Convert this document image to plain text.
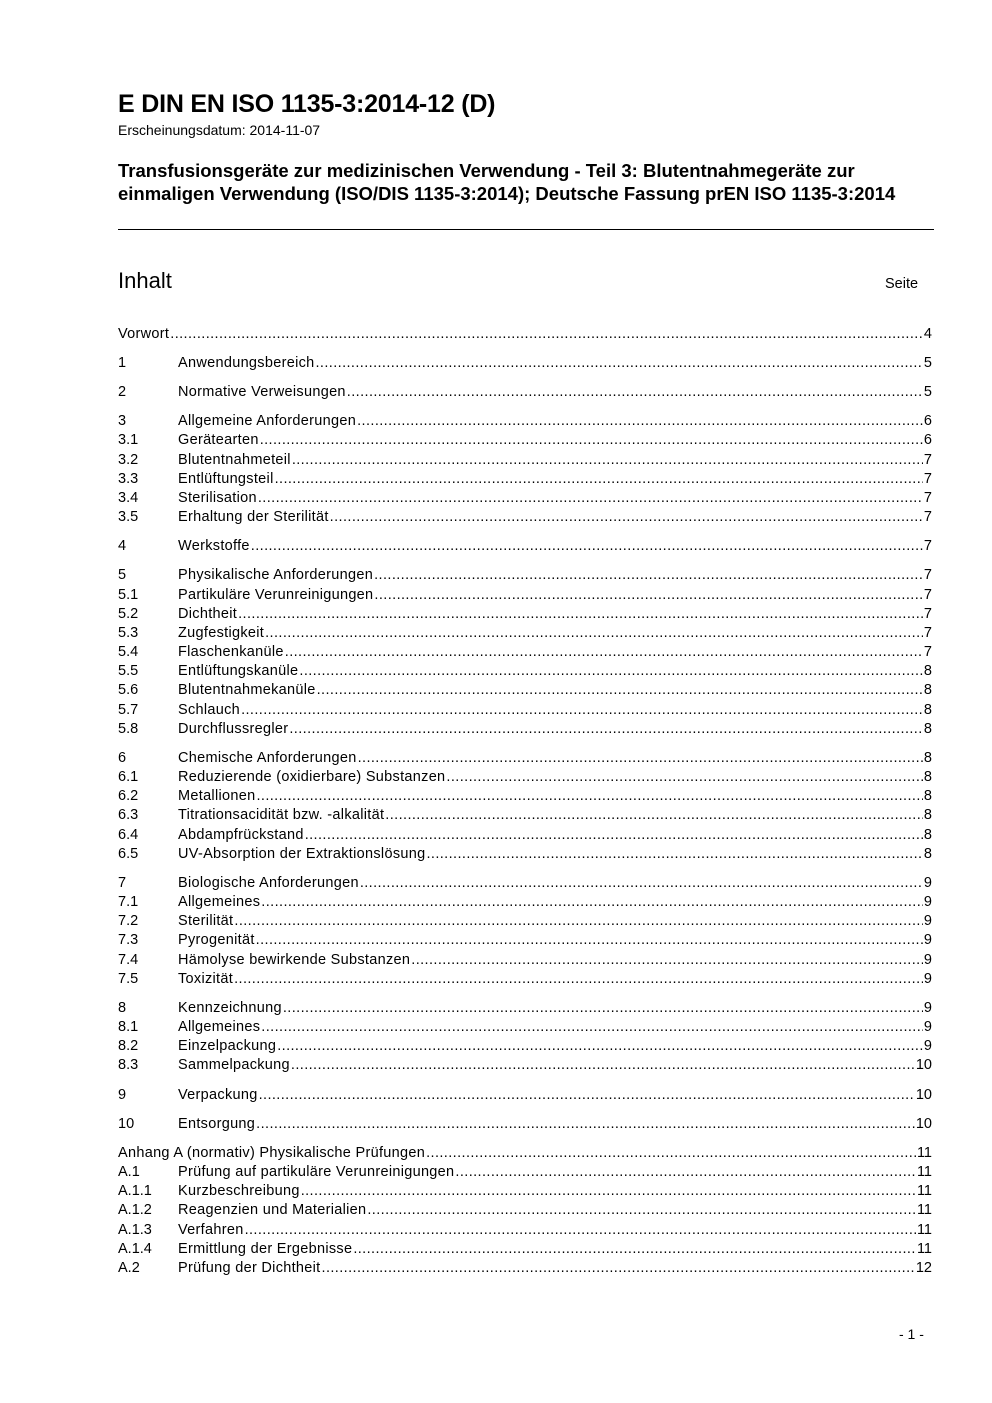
E DIN EN ISO 1135-3:2014-12 (D)
Erscheinungsdatum: 2014-11-07
Transfusionsgeräte zur medizinischen Verwendung - Teil 3: Blutentnahmegeräte zur einmaligen Verwendung (ISO/DIS 1135-3:2014); Deutsche Fassung prEN ISO 1135-3:2014
Inhalt	Seite
Vorwort .....	4
1	Anwendungsbereich .....	5
2	Normative Verweisungen .....	5
3	Allgemeine Anforderungen .....	6
3.1	Gerätearten .....	6
3.2	Blutentnahmeteil .....	7
3.3	Entlüftungsteil .....	7
3.4	Sterilisation .....	7
3.5	Erhaltung der Sterilität .....	7
4	Werkstoffe .....	7
5	Physikalische Anforderungen .....	7
5.1	Partikuläre Verunreinigungen .....	7
5.2	Dichtheit .....	7
5.3	Zugfestigkeit .....	7
5.4	Flaschenkanüle .....	7
5.5	Entlüftungskanüle .....	8
5.6	Blutentnahmekanüle .....	8
5.7	Schlauch .....	8
5.8	Durchflussregler .....	8
6	Chemische Anforderungen .....	8
6.1	Reduzierende (oxidierbare) Substanzen .....	8
6.2	Metallionen .....	8
6.3	Titrationsacidität bzw. -alkalität .....	8
6.4	Abdampfrückstand .....	8
6.5	UV-Absorption der Extraktionslösung .....	8
7	Biologische Anforderungen .....	9
7.1	Allgemeines .....	9
7.2	Sterilität .....	9
7.3	Pyrogenität .....	9
7.4	Hämolyse bewirkende Substanzen .....	9
7.5	Toxizität .....	9
8	Kennzeichnung .....	9
8.1	Allgemeines .....	9
8.2	Einzelpackung .....	9
8.3	Sammelpackung .....	10
9	Verpackung .....	10
10	Entsorgung .....	10
Anhang A (normativ) Physikalische Prüfungen .....	11
A.1	Prüfung auf partikuläre Verunreinigungen .....	11
A.1.1	Kurzbeschreibung .....	11
A.1.2	Reagenzien und Materialien .....	11
A.1.3	Verfahren .....	11
A.1.4	Ermittlung der Ergebnisse .....	11
A.2	Prüfung der Dichtheit .....	12
- 1 -
